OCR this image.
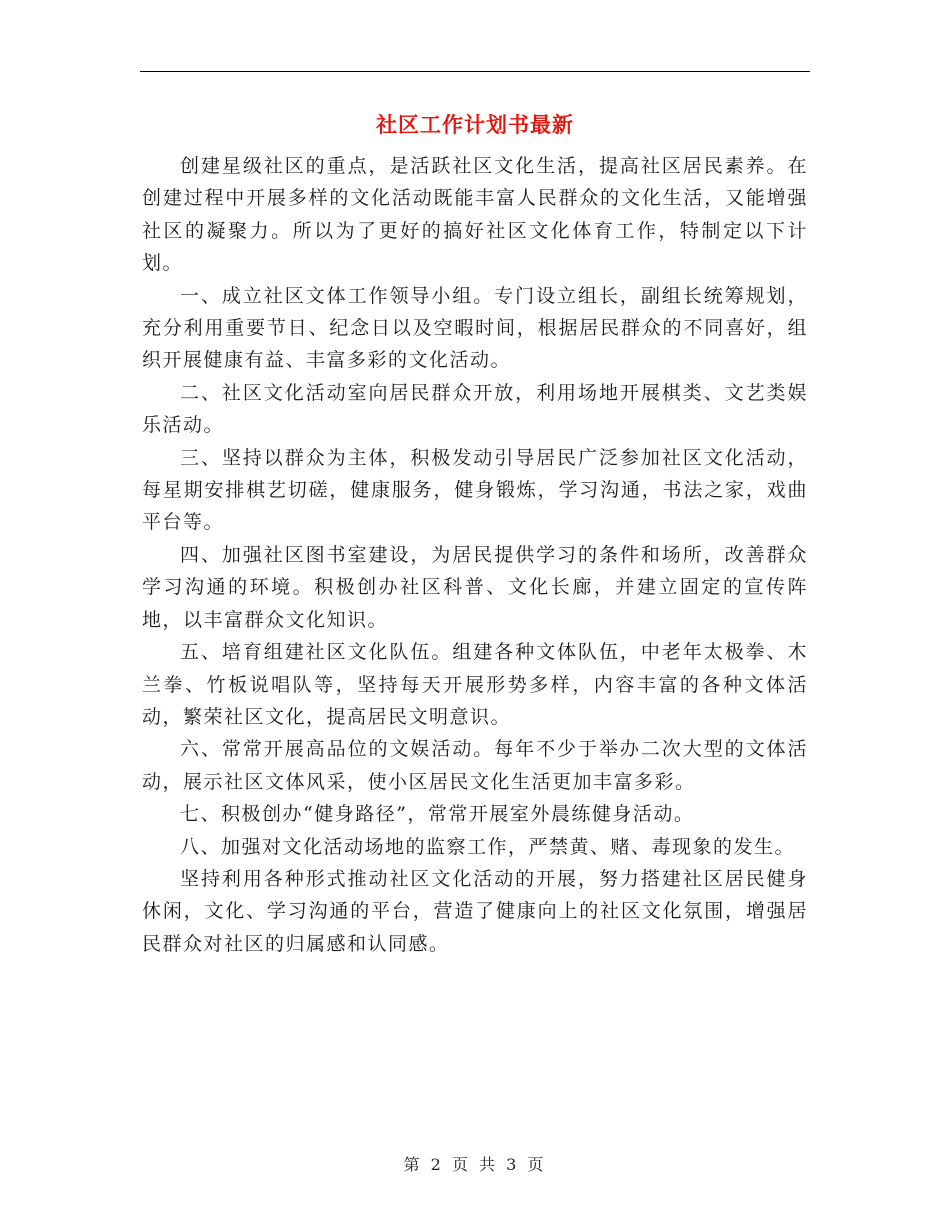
社区工作计划书最新

创建星级社区的重点，是活跃社区文化生活，提高社区居民素养。在创建过程中开展多样的文化活动既能丰富人民群众的文化生活，又能增强社区的凝聚力。所以为了更好的搞好社区文化体育工作，特制定以下计划。

一、成立社区文体工作领导小组。专门设立组长，副组长统筹规划，充分利用重要节日、纪念日以及空暇时间，根据居民群众的不同喜好，组织开展健康有益、丰富多彩的文化活动。

二、社区文化活动室向居民群众开放，利用场地开展棋类、文艺类娱乐活动。

三、坚持以群众为主体，积极发动引导居民广泛参加社区文化活动，每星期安排棋艺切磋，健康服务，健身锻炼，学习沟通，书法之家，戏曲平台等。

四、加强社区图书室建设，为居民提供学习的条件和场所，改善群众学习沟通的环境。积极创办社区科普、文化长廊，并建立固定的宣传阵地，以丰富群众文化知识。

五、培育组建社区文化队伍。组建各种文体队伍，中老年太极拳、木兰拳、竹板说唱队等，坚持每天开展形势多样，内容丰富的各种文体活动，繁荣社区文化，提高居民文明意识。

六、常常开展高品位的文娱活动。每年不少于举办二次大型的文体活动，展示社区文体风采，使小区居民文化生活更加丰富多彩。

七、积极创办“健身路径”，常常开展室外晨练健身活动。

八、加强对文化活动场地的监察工作，严禁黄、赌、毒现象的发生。

坚持利用各种形式推动社区文化活动的开展，努力搭建社区居民健身休闲，文化、学习沟通的平台，营造了健康向上的社区文化氛围，增强居民群众对社区的归属感和认同感。

第 2 页 共 3 页
